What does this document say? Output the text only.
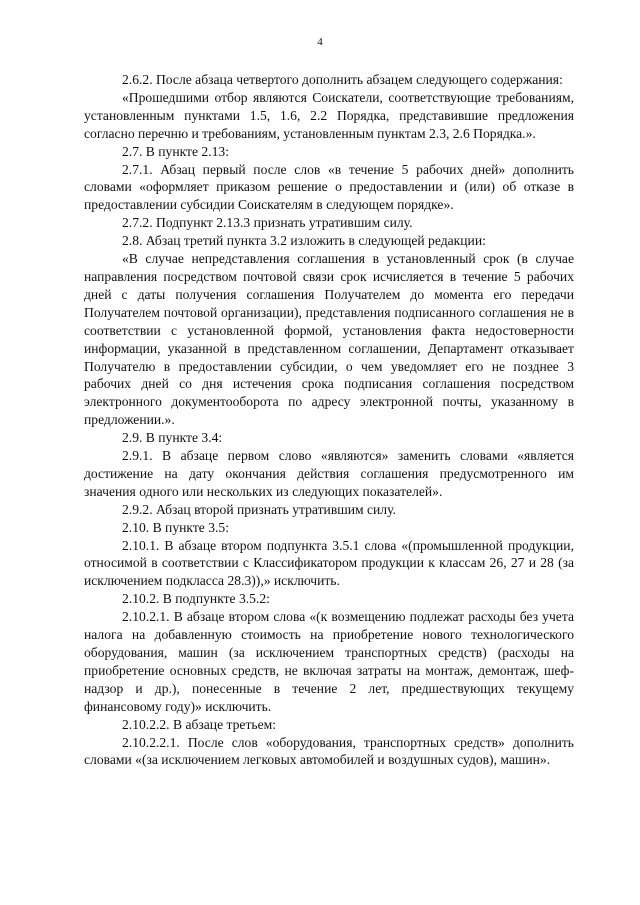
4

2.6.2. После абзаца четвертого дополнить абзацем следующего содержания:

«Прошедшими отбор являются Соискатели, соответствующие требованиям, установленным пунктами 1.5, 1.6, 2.2 Порядка, представившие предложения согласно перечню и требованиям, установленным пунктам 2.3, 2.6 Порядка.».

2.7. В пункте 2.13:

2.7.1. Абзац первый после слов «в течение 5 рабочих дней» дополнить словами «оформляет приказом решение о предоставлении и (или) об отказе в предоставлении субсидии Соискателям в следующем порядке».

2.7.2. Подпункт 2.13.3 признать утратившим силу.

2.8. Абзац третий пункта 3.2 изложить в следующей редакции:

«В случае непредставления соглашения в установленный срок (в случае направления посредством почтовой связи срок исчисляется в течение 5 рабочих дней с даты получения соглашения Получателем до момента его передачи Получателем почтовой организации), представления подписанного соглашения не в соответствии с установленной формой, установления факта недостоверности информации, указанной в представленном соглашении, Департамент отказывает Получателю в предоставлении субсидии, о чем уведомляет его не позднее 3 рабочих дней со дня истечения срока подписания соглашения посредством электронного документооборота по адресу электронной почты, указанному в предложении.».

2.9. В пункте 3.4:

2.9.1. В абзаце первом слово «являются» заменить словами «является достижение на дату окончания действия соглашения предусмотренного им значения одного или нескольких из следующих показателей».

2.9.2. Абзац второй признать утратившим силу.

2.10. В пункте 3.5:

2.10.1. В абзаце втором подпункта 3.5.1 слова «(промышленной продукции, относимой в соответствии с Классификатором продукции к классам 26, 27 и 28 (за исключением подкласса 28.3)),» исключить.

2.10.2. В подпункте 3.5.2:

2.10.2.1. В абзаце втором слова «(к возмещению подлежат расходы без учета налога на добавленную стоимость на приобретение нового технологического оборудования, машин (за исключением транспортных средств) (расходы на приобретение основных средств, не включая затраты на монтаж, демонтаж, шеф-надзор и др.), понесенные в течение 2 лет, предшествующих текущему финансовому году)» исключить.

2.10.2.2. В абзаце третьем:

2.10.2.2.1. После слов «оборудования, транспортных средств» дополнить словами «(за исключением легковых автомобилей и воздушных судов), машин».
